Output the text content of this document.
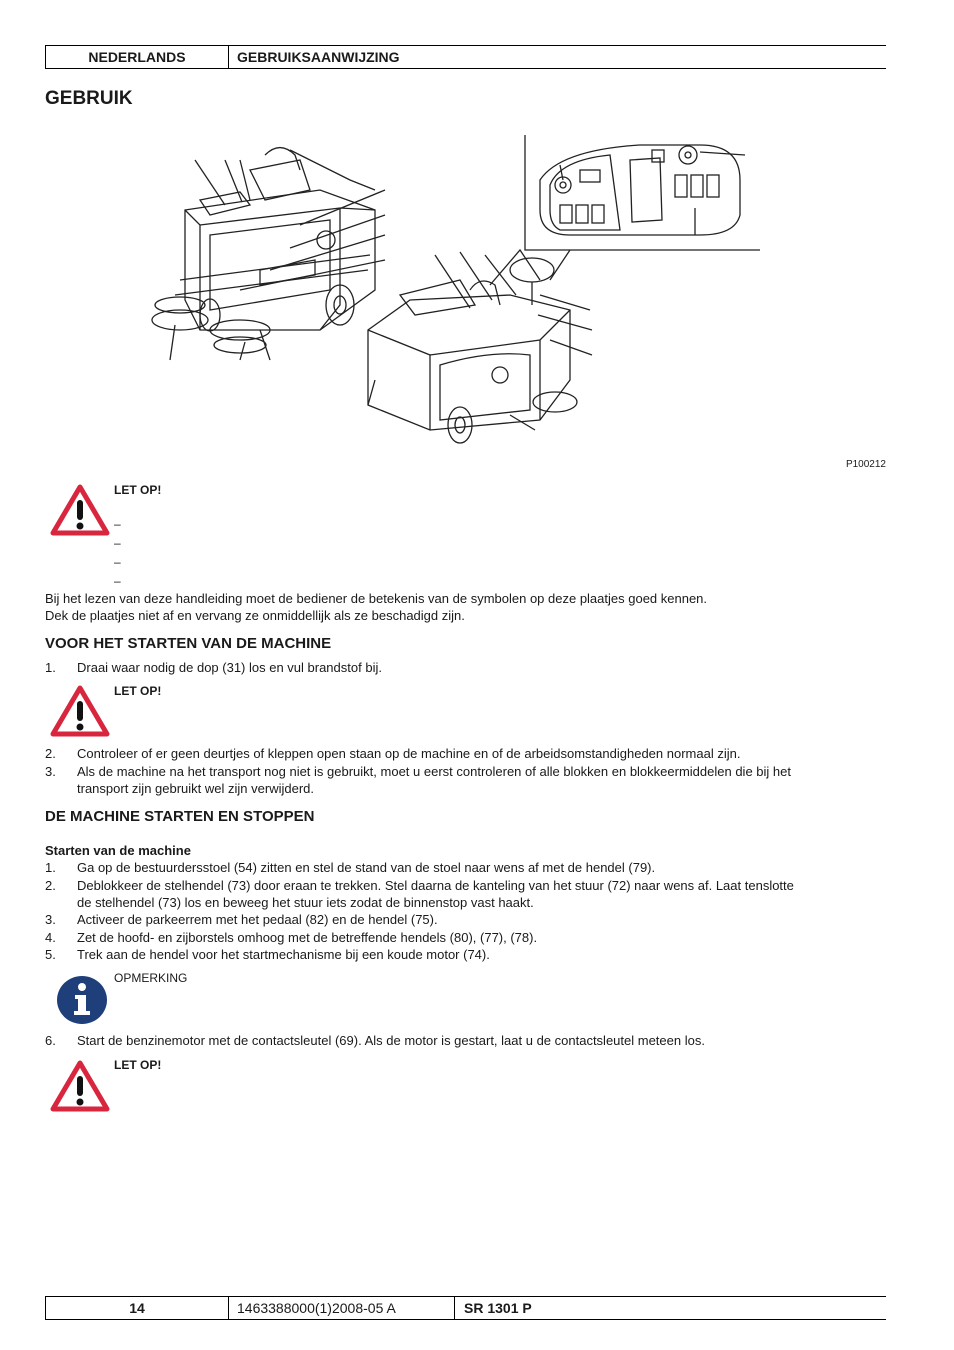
NEDERLANDS	GEBRUIKSAANWIJZING
GEBRUIK
P100212
LET OP!
–
–
–
–
Bij het lezen van deze handleiding moet de bediener de betekenis van de symbolen op deze plaatjes goed kennen.
Dek de plaatjes niet af en vervang ze onmiddellijk als ze beschadigd zijn.
VOOR HET STARTEN VAN DE MACHINE
1. Draai waar nodig de dop (31) los en vul brandstof bij.
LET OP!
2. Controleer of er geen deurtjes of kleppen open staan op de machine en of de arbeidsomstandigheden normaal zijn.
3. Als de machine na het transport nog niet is gebruikt, moet u eerst controleren of alle blokken en blokkeermiddelen die bij het
transport zijn gebruikt wel zijn verwijderd.
DE MACHINE STARTEN EN STOPPEN
Starten van de machine
1. Ga op de bestuurdersstoel (54) zitten en stel de stand van de stoel naar wens af met de hendel (79).
2. Deblokkeer de stelhendel (73) door eraan te trekken. Stel daarna de kanteling van het stuur (72) naar wens af. Laat tenslotte
de stelhendel (73) los en beweeg het stuur iets zodat de binnenstop vast haakt.
3. Activeer de parkeerrem met het pedaal (82) en de hendel (75).
4. Zet de hoofd- en zijborstels omhoog met de betreffende hendels (80), (77), (78).
5. Trek aan de hendel voor het startmechanisme bij een koude motor (74).
OPMERKING
6. Start de benzinemotor met de contactsleutel (69). Als de motor is gestart, laat u de contactsleutel meteen los.
LET OP!
14	1463388000(1)2008-05 A	SR 1301 P
